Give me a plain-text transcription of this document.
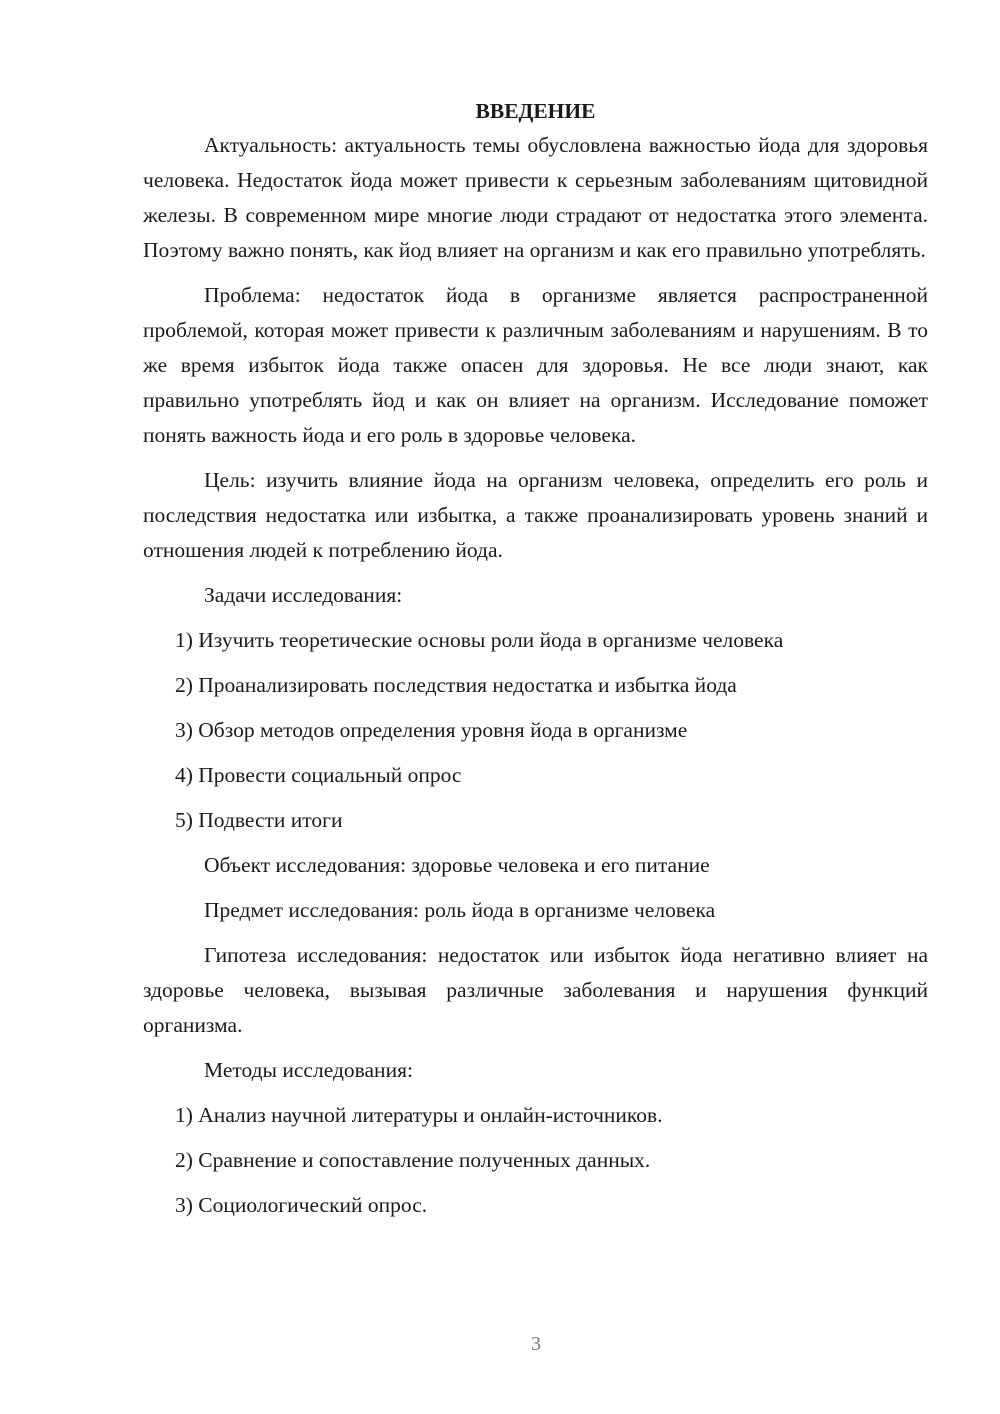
ВВЕДЕНИЕ

Актуальность: актуальность темы обусловлена важностью йода для здоровья человека. Недостаток йода может привести к серьезным заболеваниям щитовидной железы. В современном мире многие люди страдают от недостатка этого элемента. Поэтому важно понять, как йод влияет на организм и как его правильно употреблять.

Проблема: недостаток йода в организме является распространенной проблемой, которая может привести к различным заболеваниям и нарушениям. В то же время избыток йода также опасен для здоровья. Не все люди знают, как правильно употреблять йод и как он влияет на организм. Исследование поможет понять важность йода и его роль в здоровье человека.

Цель: изучить влияние йода на организм человека, определить его роль и последствия недостатка или избытка, а также проанализировать уровень знаний и отношения людей к потреблению йода.

Задачи исследования:
1) Изучить теоретические основы роли йода в организме человека
2) Проанализировать последствия недостатка и избытка йода
3) Обзор методов определения уровня йода в организме
4) Провести социальный опрос
5) Подвести итоги
Объект исследования: здоровье человека и его питание
Предмет исследования: роль йода в организме человека

Гипотеза исследования: недостаток или избыток йода негативно влияет на здоровье человека, вызывая различные заболевания и нарушения функций организма.

Методы исследования:
1) Анализ научной литературы и онлайн-источников.
2) Сравнение и сопоставление полученных данных.
3) Социологический опрос.
3
